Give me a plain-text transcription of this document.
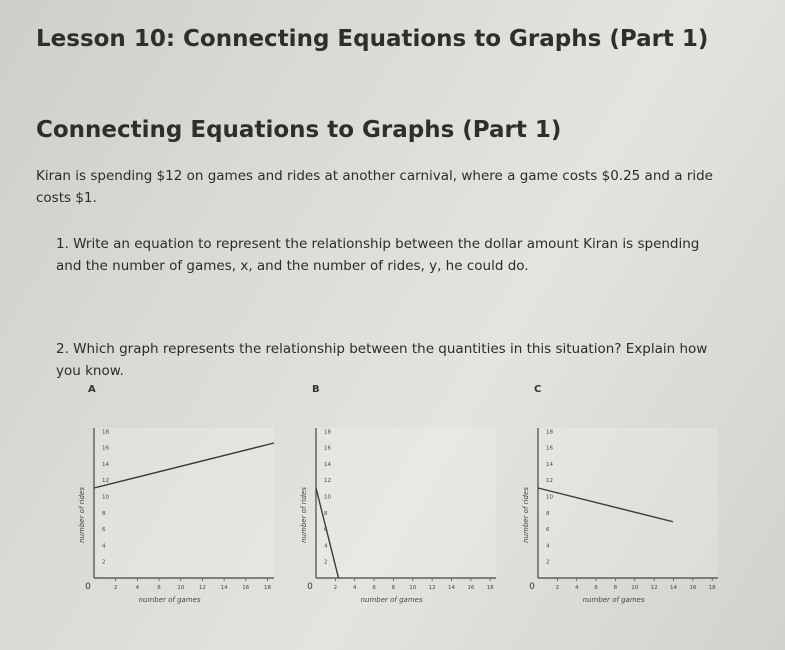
Lesson 10: Connecting Equations to Graphs (Part 1)
Connecting Equations to Graphs (Part 1)
Kiran is spending $12 on games and rides at another carnival, where a game costs $0.25 and a ride costs $1.
1. Write an equation to represent the relationship between the dollar amount Kiran is spending and the number of games, x, and the number of rides, y, he could do.
2. Which graph represents the relationship between the quantities in this situation? Explain how you know.
A	B	C
0	2	4	8	10	12	14	16	18
2
4
6
8
10
12
14
16
18
number of games
number of rides
0	2	4	6	8	10 12 14 16 18
2
4
6
8
10
12
14
16
18
number of games
number of rides
0	2	4	6	8	10 12 14 16 18
2
4
6
8
10
12
14
16
18
number of games
number of rides
